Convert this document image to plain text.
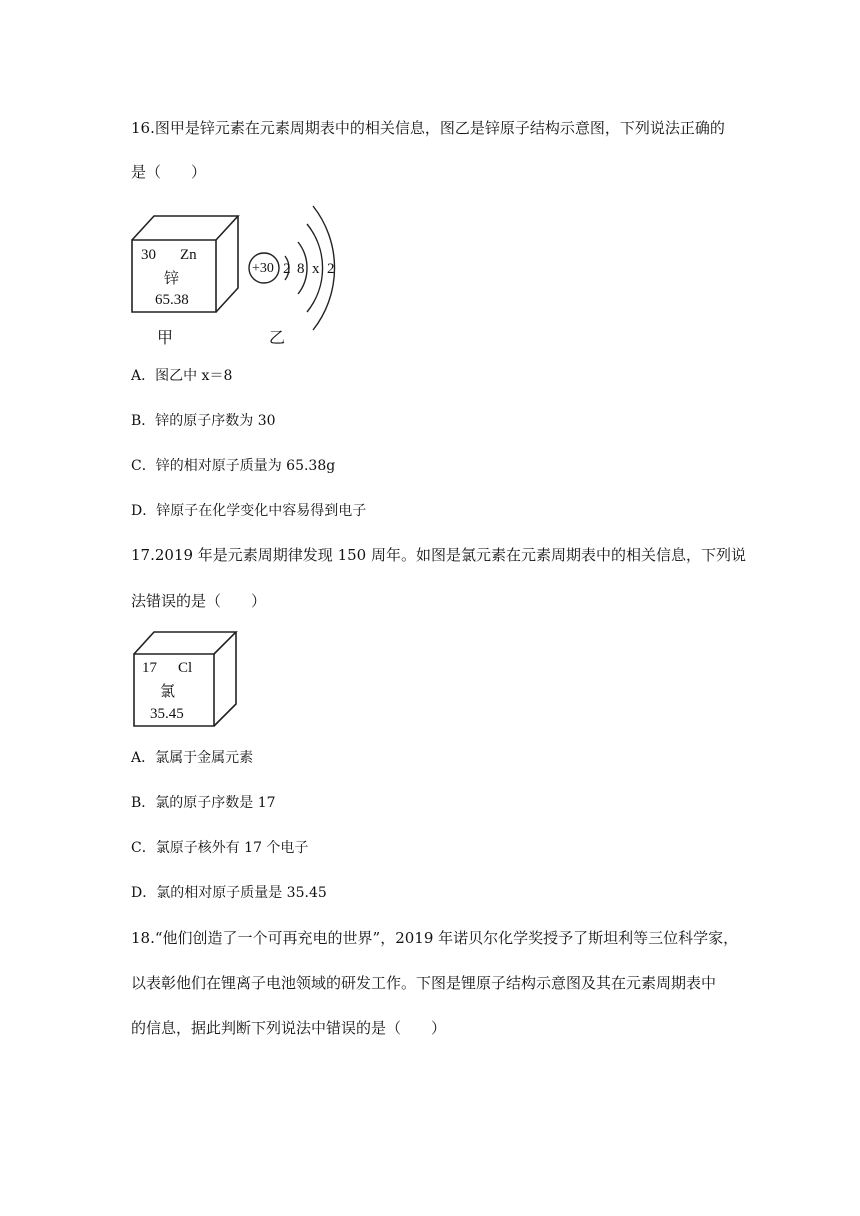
16.图甲是锌元素在元素周期表中的相关信息，图乙是锌原子结构示意图，下列说法正确的
是（　　）
30 Zn
锌
65.38
甲
+30 2 8 x 2
乙
A．图乙中 x＝8
B．锌的原子序数为 30
C．锌的相对原子质量为 65.38g
D．锌原子在化学变化中容易得到电子
17.2019 年是元素周期律发现 150 周年。如图是氯元素在元素周期表中的相关信息，下列说
法错误的是（　　）
17 Cl
氯
35.45
A．氯属于金属元素
B．氯的原子序数是 17
C．氯原子核外有 17 个电子
D．氯的相对原子质量是 35.45
18.“他们创造了一个可再充电的世界”，2019 年诺贝尔化学奖授予了斯坦利等三位科学家，
以表彰他们在锂离子电池领域的研发工作。下图是锂原子结构示意图及其在元素周期表中
的信息，据此判断下列说法中错误的是（　　）
